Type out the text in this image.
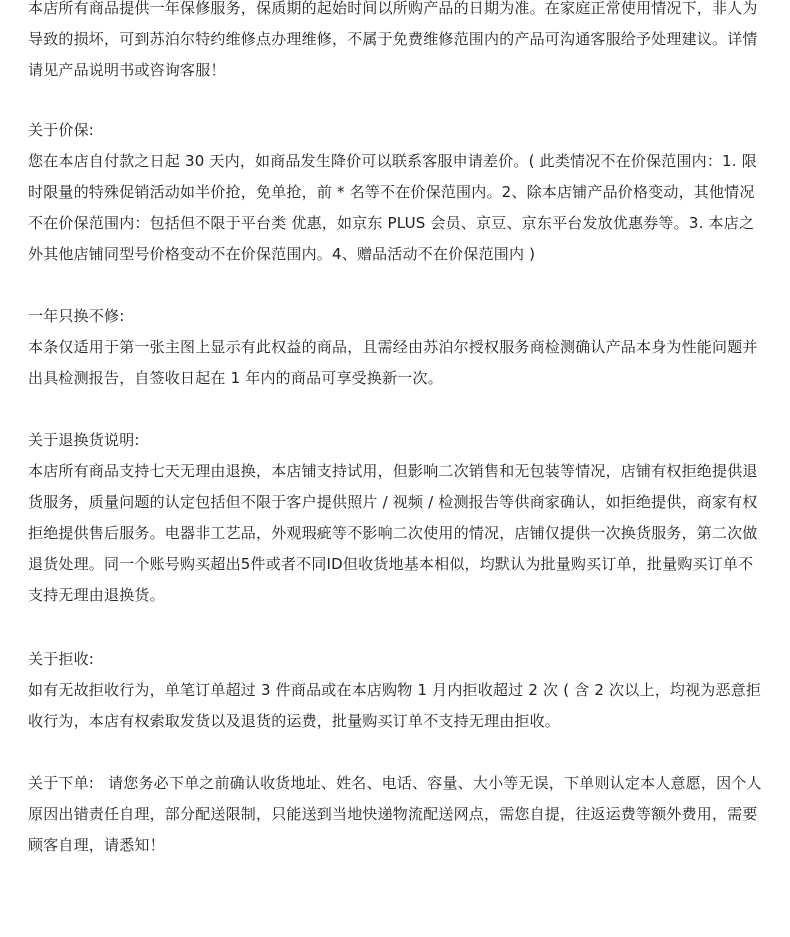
本店所有商品提供一年保修服务，保质期的起始时间以所购产品的日期为准。在家庭正常使用情况下，非人为导致的损坏，可到苏泊尔特约维修点办理维修，不属于免费维修范围内的产品可沟通客服给予处理建议。详情请见产品说明书或咨询客服！

关于价保:

您在本店自付款之日起 30 天内，如商品发生降价可以联系客服申请差价。( 此类情况不在价保范围内：1. 限时限量的特殊促销活动如半价抢，免单抢，前 * 名等不在价保范围内。2、除本店铺产品价格变动，其他情况不在价保范围内：包括但不限于平台类 优惠，如京东 PLUS 会员、京豆、京东平台发放优惠券等。3. 本店之外其他店铺同型号价格变动不在价保范围内。4、赠品活动不在价保范围内 )

一年只换不修:

本条仅适用于第一张主图上显示有此权益的商品，且需经由苏泊尔授权服务商检测确认产品本身为性能问题并出具检测报告，自签收日起在 1 年内的商品可享受换新一次。

关于退换货说明:

本店所有商品支持七天无理由退换，本店铺支持试用，但影响二次销售和无包装等情况，店铺有权拒绝提供退货服务，质量问题的认定包括但不限于客户提供照片 / 视频 / 检测报告等供商家确认，如拒绝提供，商家有权拒绝提供售后服务。电器非工艺品，外观瑕疵等不影响二次使用的情况，店铺仅提供一次换货服务，第二次做退货处理。同一个账号购买超出5件或者不同ID但收货地基本相似，均默认为批量购买订单，批量购买订单不支持无理由退换货。

关于拒收:

如有无故拒收行为，单笔订单超过 3 件商品或在本店购物 1 月内拒收超过 2 次 ( 含 2 次以上，均视为恶意拒收行为，本店有权索取发货以及退货的运费，批量购买订单不支持无理由拒收。

关于下单: 请您务必下单之前确认收货地址、姓名、电话、容量、大小等无误，下单则认定本人意愿，因个人原因出错责任自理，部分配送限制，只能送到当地快递物流配送网点，需您自提，往返运费等额外费用，需要顾客自理，请悉知！
